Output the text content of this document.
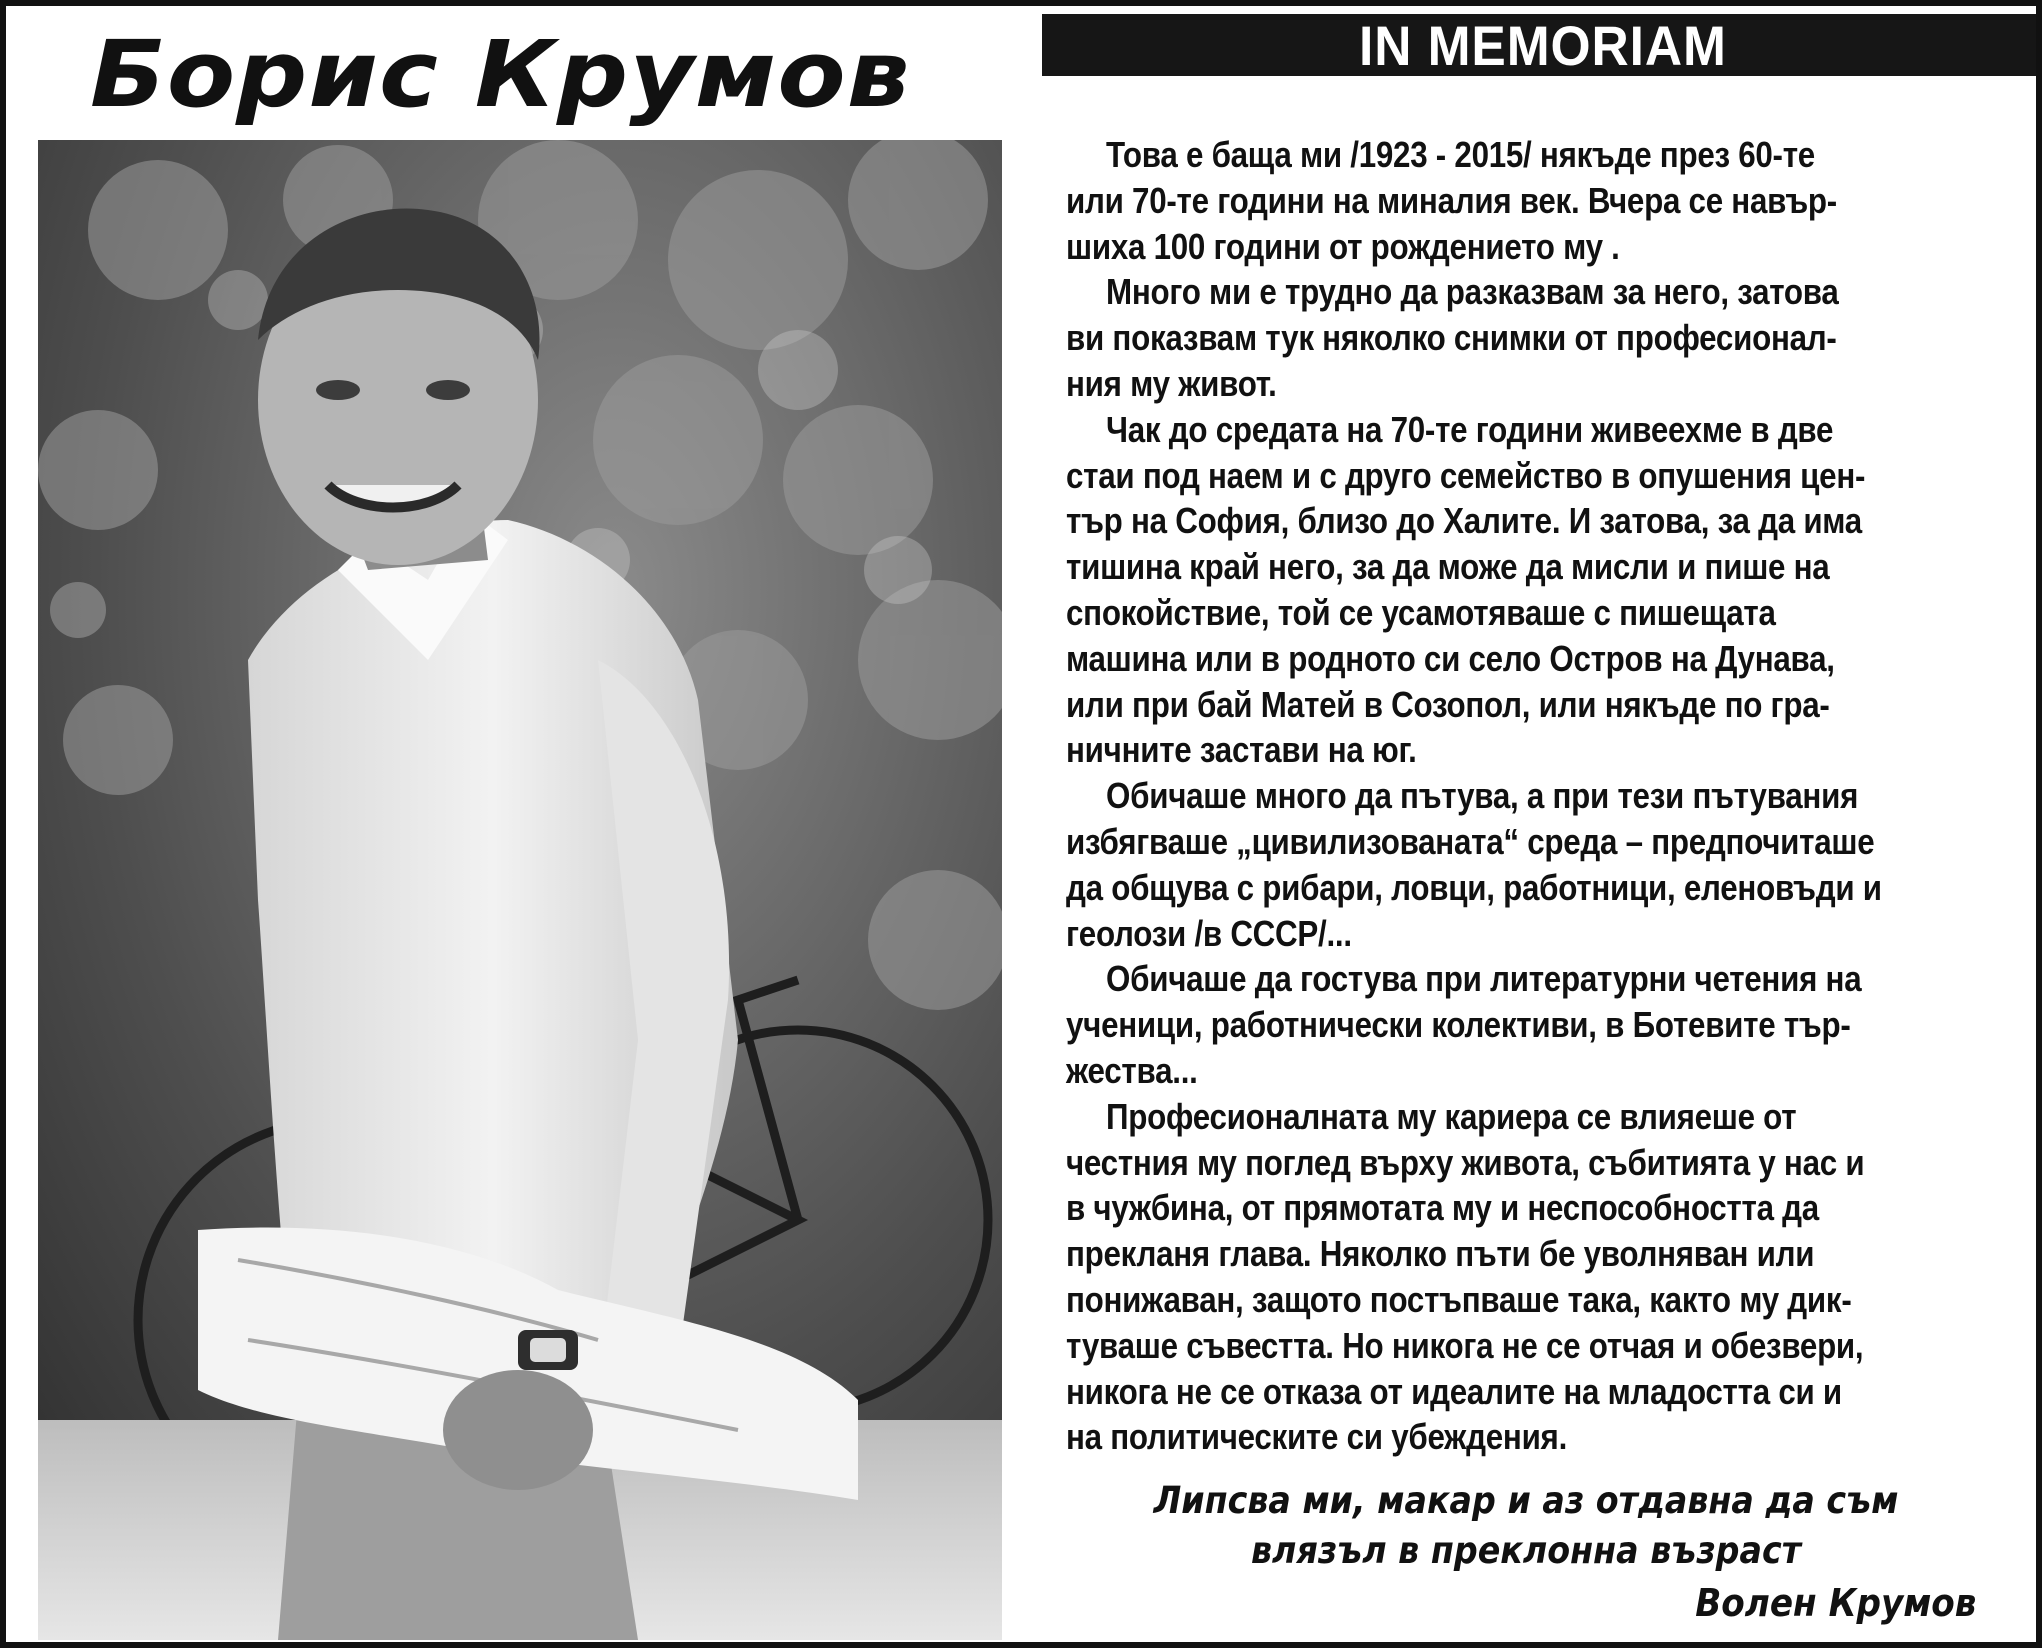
Борис Крумов	IN MEMORIAM

Това е баща ми /1923 - 2015/ някъде през 60-те
или 70-те години на миналия век. Вчера се навър-
шиха 100 години от рождението му .

Много ми е трудно да разказвам за него, затова
ви показвам тук няколко снимки от професионал-
ния му живот.

Чак до средата на 70-те години живеехме в две
стаи под наем и с друго семейство в опушения цен-
тър на София, близо до Халите. И затова, за да има
тишина край него, за да може да мисли и пише на
спокойствие, той се усамотяваше с пишещата
машина или в родното си село Остров на Дунава,
или при бай Матей в Созопол, или някъде по гра-
ничните застави на юг.

Обичаше много да пътува, а при тези пътувания
избягваше „цивилизованата“ среда – предпочиташе
да общува с рибари, ловци, работници, еленовъди и
геолози /в СССР/...

Обичаше да гостува при литературни четения на
ученици, работнически колективи, в Ботевите тър-
жества...

Професионалната му кариера се влияеше от
честния му поглед върху живота, събитията у нас и
в чужбина, от прямотата му и неспособността да
прекланя глава. Няколко пъти бе уволняван или
понижаван, защото постъпваше така, както му дик-
туваше съвестта. Но никога не се отчая и обезвери,
никога не се отказа от идеалите на младостта си и
на политическите си убеждения.

Липсва ми, макар и аз отдавна да съм
влязъл в преклонна възраст
Волен Крумов
